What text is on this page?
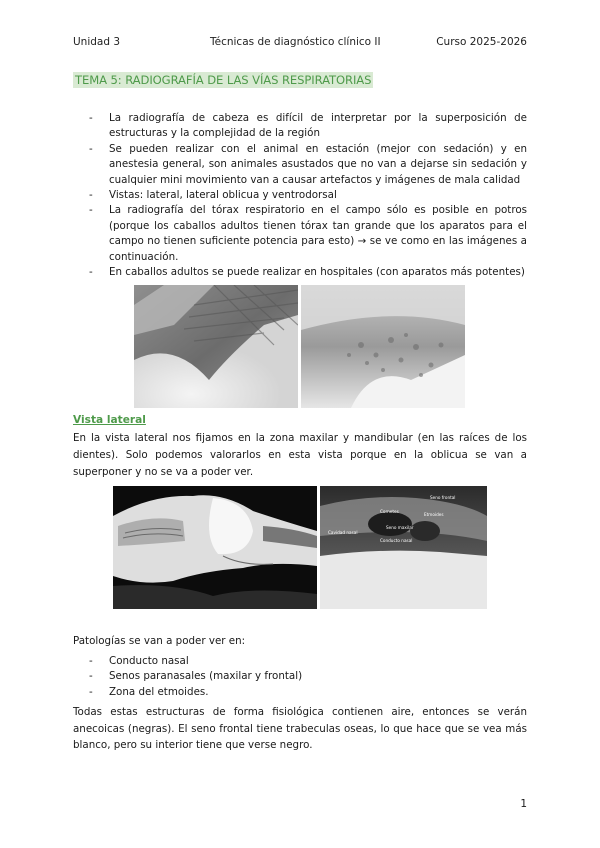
Unidad 3	Técnicas de diagnóstico clínico II	Curso 2025-2026
TEMA 5: RADIOGRAFÍA DE LAS VÍAS RESPIRATORIAS
- La radiografía de cabeza es difícil de interpretar por la superposición de estructuras y la complejidad de la región
- Se pueden realizar con el animal en estación (mejor con sedación) y en anestesia general, son animales asustados que no van a dejarse sin sedación y cualquier mini movimiento van a causar artefactos y imágenes de mala calidad
- Vistas: lateral, lateral oblicua y ventrodorsal
- La radiografía del tórax respiratorio en el campo sólo es posible en potros (porque los caballos adultos tienen tórax tan grande que los aparatos para el campo no tienen suficiente potencia para esto) → se ve como en las imágenes a continuación.
- En caballos adultos se puede realizar en hospitales (con aparatos más potentes)
Vista lateral

En la vista lateral nos fijamos en la zona maxilar y mandibular (en las raíces de los dientes). Solo podemos valorarlos en esta vista porque en la oblicua se van a superponer y no se va a poder ver.

Seno frontal
Cornetes
Seno maxilar
Cavidad nasal
Conducto nasal
Etmoides
Patologías se van a poder ver en:
- Conducto nasal
- Senos paranasales (maxilar y frontal)
- Zona del etmoides.

Todas estas estructuras de forma fisiológica contienen aire, entonces se verán anecoicas (negras). El seno frontal tiene trabeculas oseas, lo que hace que se vea más blanco, pero su interior tiene que verse negro.

1
